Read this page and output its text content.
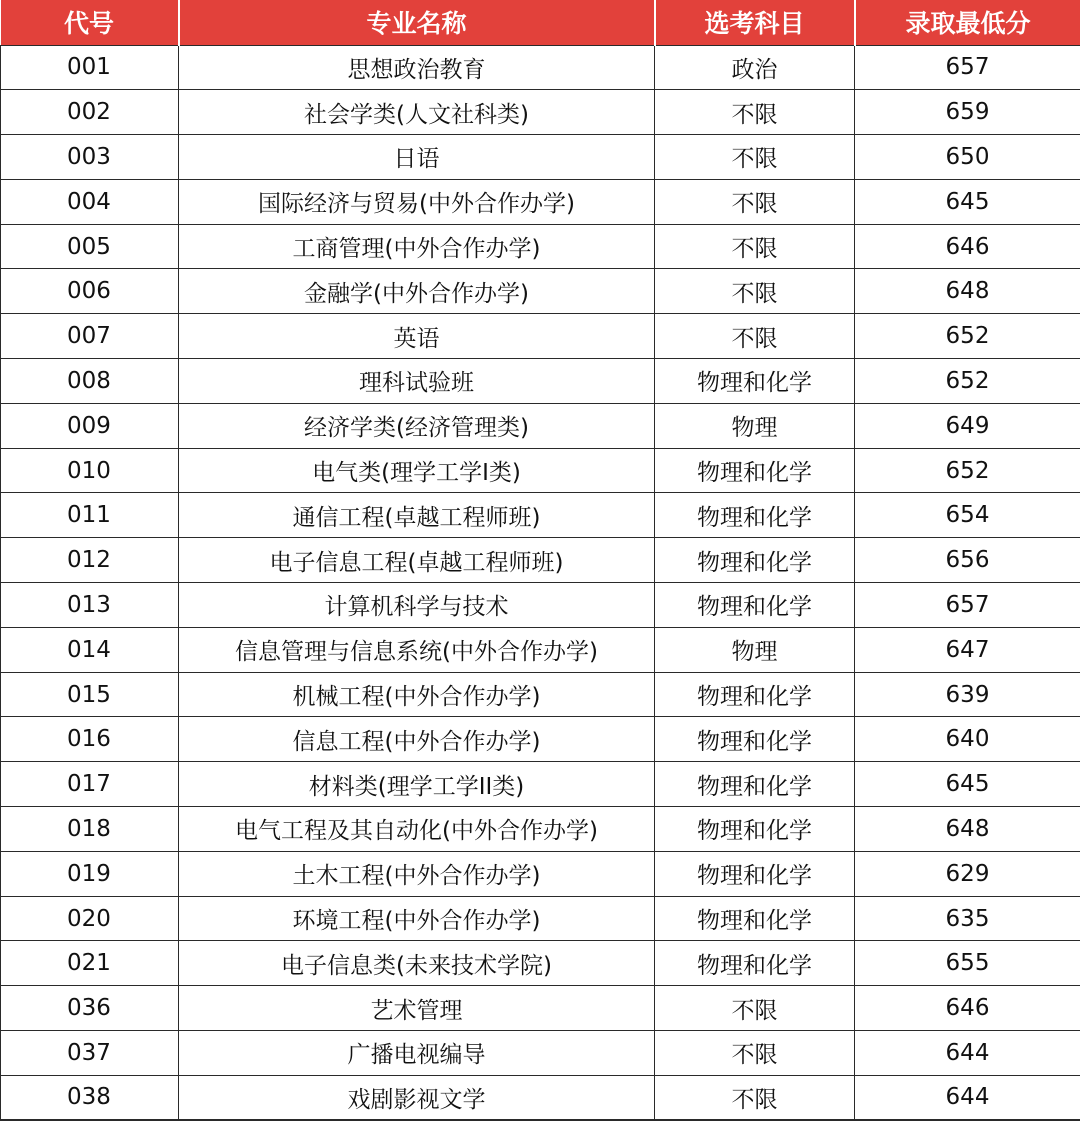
代号	专业名称	选考科目	录取最低分
001	思想政治教育	政治	657
002	社会学类(人文社科类)	不限	659
003	日语	不限	650
004	国际经济与贸易(中外合作办学)	不限	645
005	工商管理(中外合作办学)	不限	646
006	金融学(中外合作办学)	不限	648
007	英语	不限	652
008	理科试验班	物理和化学	652
009	经济学类(经济管理类)	物理	649
010	电气类(理学工学I类)	物理和化学	652
011	通信工程(卓越工程师班)	物理和化学	654
012	电子信息工程(卓越工程师班)	物理和化学	656
013	计算机科学与技术	物理和化学	657
014	信息管理与信息系统(中外合作办学)	物理	647
015	机械工程(中外合作办学)	物理和化学	639
016	信息工程(中外合作办学)	物理和化学	640
017	材料类(理学工学II类)	物理和化学	645
018	电气工程及其自动化(中外合作办学)	物理和化学	648
019	土木工程(中外合作办学)	物理和化学	629
020	环境工程(中外合作办学)	物理和化学	635
021	电子信息类(未来技术学院)	物理和化学	655
036	艺术管理	不限	646
037	广播电视编导	不限	644
038	戏剧影视文学	不限	644
